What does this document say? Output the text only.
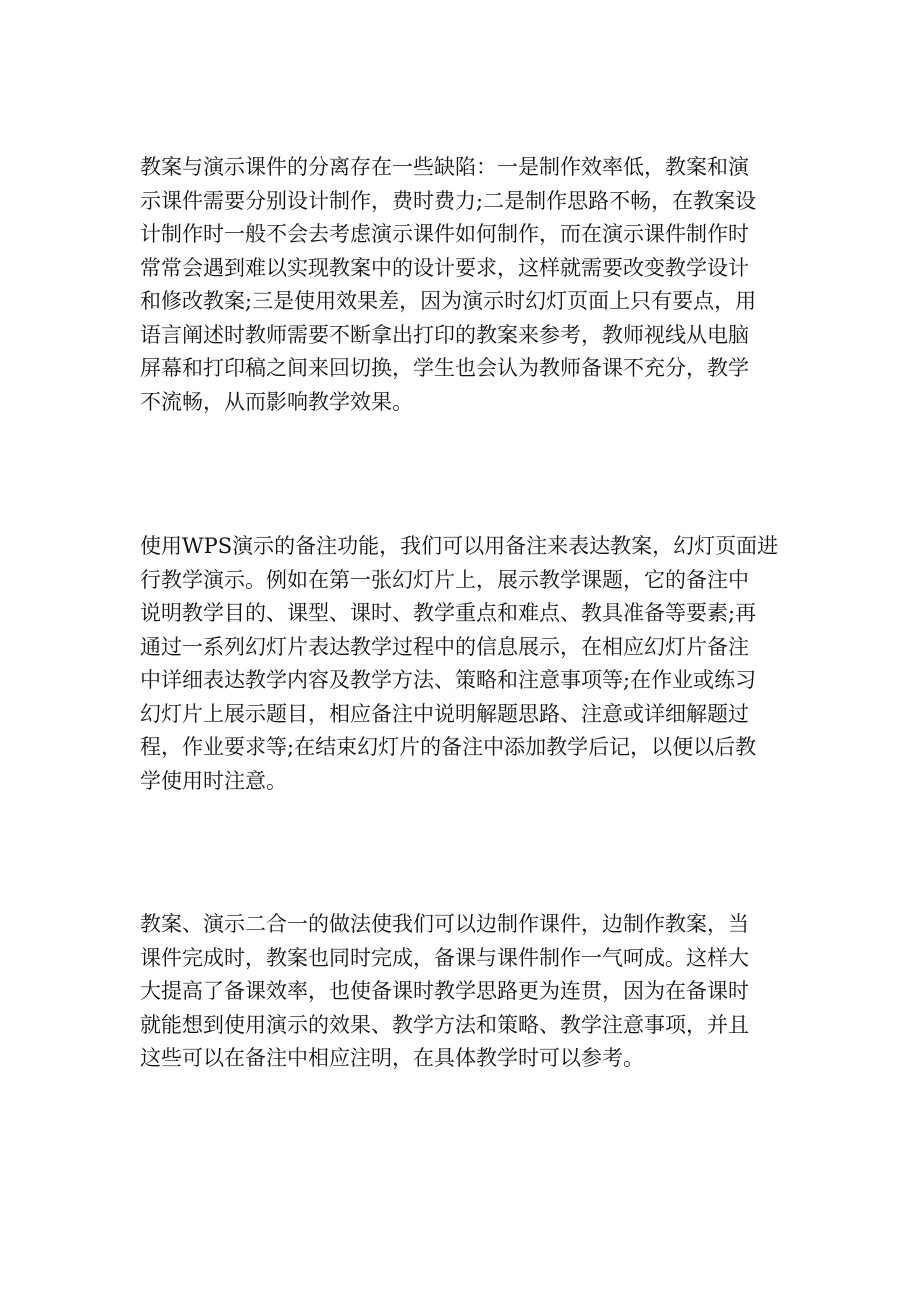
教案与演示课件的分离存在一些缺陷：一是制作效率低，教案和演
示课件需要分别设计制作，费时费力;二是制作思路不畅，在教案设
计制作时一般不会去考虑演示课件如何制作，而在演示课件制作时
常常会遇到难以实现教案中的设计要求，这样就需要改变教学设计
和修改教案;三是使用效果差，因为演示时幻灯页面上只有要点，用
语言阐述时教师需要不断拿出打印的教案来参考，教师视线从电脑
屏幕和打印稿之间来回切换，学生也会认为教师备课不充分，教学
不流畅，从而影响教学效果。

使用WPS演示的备注功能，我们可以用备注来表达教案，幻灯页面进
行教学演示。例如在第一张幻灯片上，展示教学课题，它的备注中
说明教学目的、课型、课时、教学重点和难点、教具准备等要素;再
通过一系列幻灯片表达教学过程中的信息展示，在相应幻灯片备注
中详细表达教学内容及教学方法、策略和注意事项等;在作业或练习
幻灯片上展示题目，相应备注中说明解题思路、注意或详细解题过
程，作业要求等;在结束幻灯片的备注中添加教学后记，以便以后教
学使用时注意。

教案、演示二合一的做法使我们可以边制作课件，边制作教案，当
课件完成时，教案也同时完成，备课与课件制作一气呵成。这样大
大提高了备课效率，也使备课时教学思路更为连贯，因为在备课时
就能想到使用演示的效果、教学方法和策略、教学注意事项，并且
这些可以在备注中相应注明，在具体教学时可以参考。
